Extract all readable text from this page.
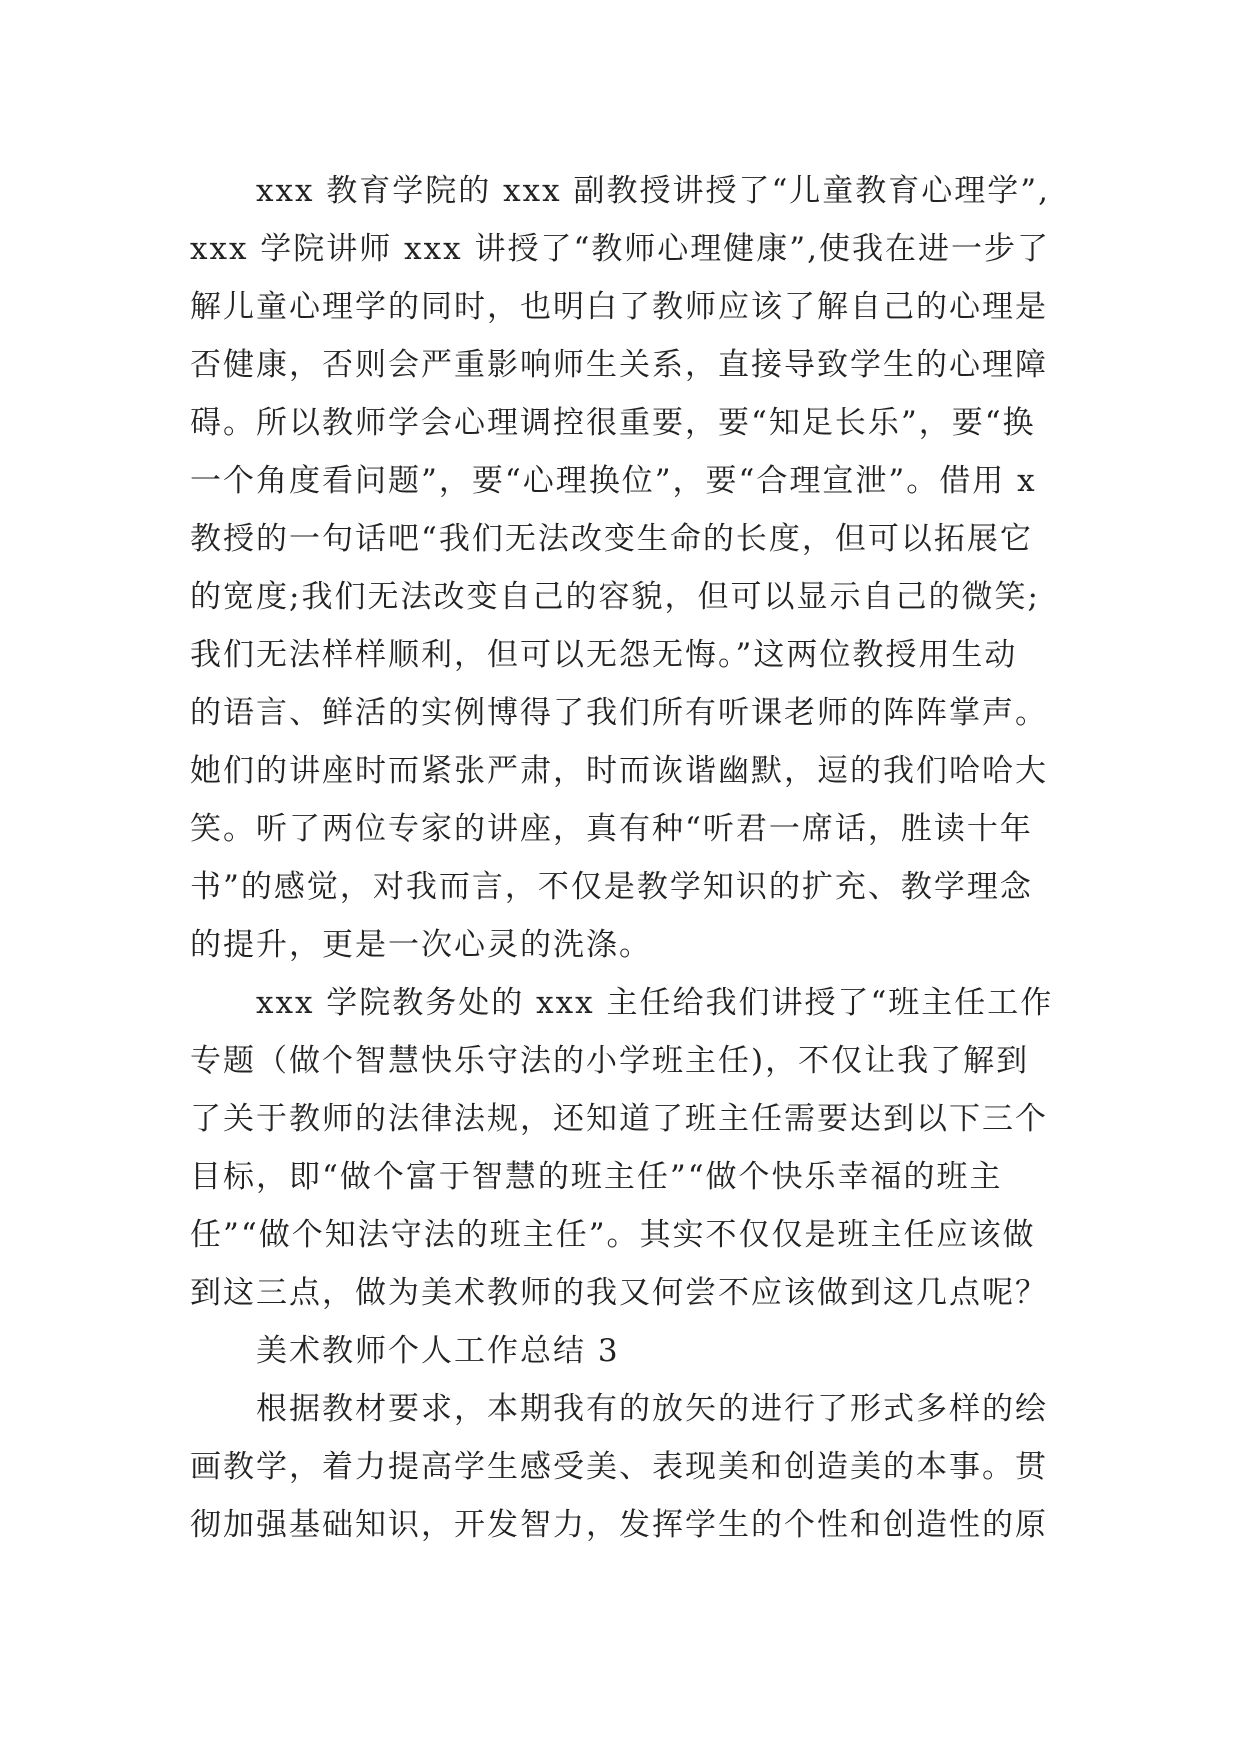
xxx 教育学院的 xxx 副教授讲授了“儿童教育心理学”,
xxx 学院讲师 xxx 讲授了“教师心理健康”,使我在进一步了
解儿童心理学的同时，也明白了教师应该了解自己的心理是
否健康，否则会严重影响师生关系，直接导致学生的心理障
碍。所以教师学会心理调控很重要，要“知足长乐”，要“换
一个角度看问题”，要“心理换位”，要“合理宣泄”。借用 x
教授的一句话吧“我们无法改变生命的长度，但可以拓展它
的宽度;我们无法改变自己的容貌，但可以显示自己的微笑;
我们无法样样顺利，但可以无怨无悔。”这两位教授用生动
的语言、鲜活的实例博得了我们所有听课老师的阵阵掌声。
她们的讲座时而紧张严肃，时而诙谐幽默，逗的我们哈哈大
笑。听了两位专家的讲座，真有种“听君一席话，胜读十年
书”的感觉，对我而言，不仅是教学知识的扩充、教学理念
的提升，更是一次心灵的洗涤。
xxx 学院教务处的 xxx 主任给我们讲授了“班主任工作
专题（做个智慧快乐守法的小学班主任)，不仅让我了解到
了关于教师的法律法规，还知道了班主任需要达到以下三个
目标，即“做个富于智慧的班主任”“做个快乐幸福的班主
任”“做个知法守法的班主任”。其实不仅仅是班主任应该做
到这三点，做为美术教师的我又何尝不应该做到这几点呢？
美术教师个人工作总结 3
根据教材要求，本期我有的放矢的进行了形式多样的绘
画教学，着力提高学生感受美、表现美和创造美的本事。贯
彻加强基础知识，开发智力，发挥学生的个性和创造性的原
